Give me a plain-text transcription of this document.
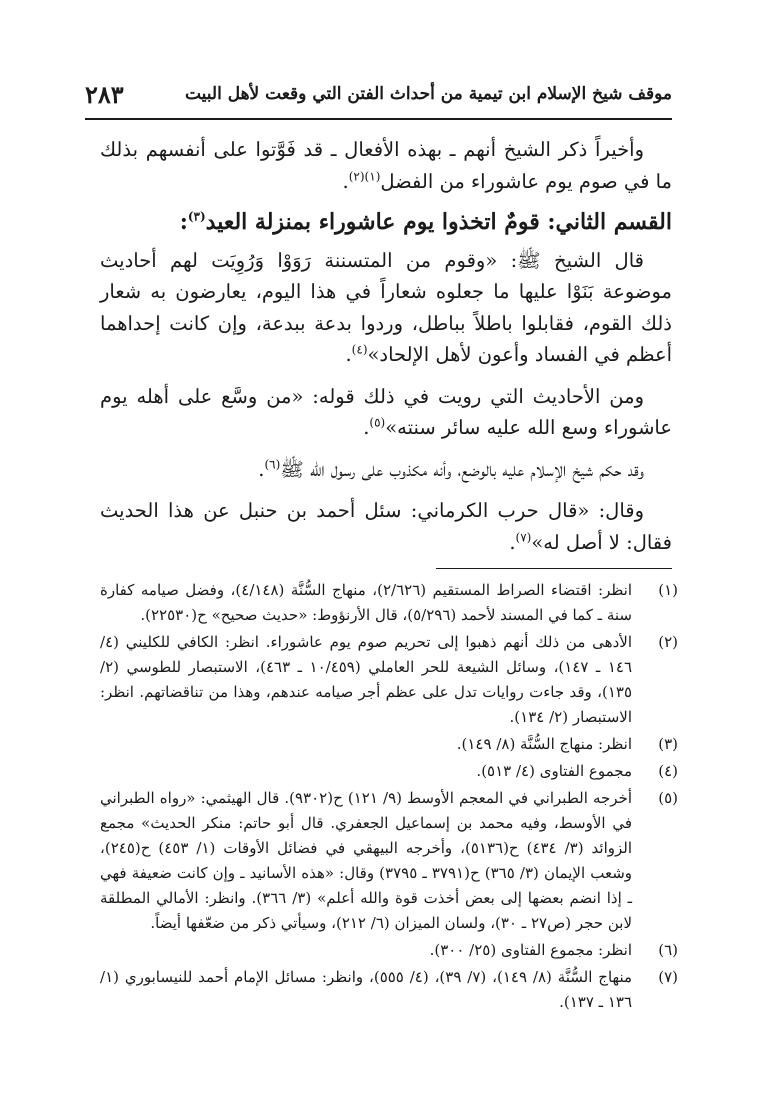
موقف شيخ الإسلام ابن تيمية من أحداث الفتن التي وقعت لأهل البيت
٢٨٣

وأخيراً ذكر الشيخ أنهم ـ بهذه الأفعال ـ قد فَوَّتوا على أنفسهم بذلك ما في صوم يوم عاشوراء من الفضل$^{(١)(٢)}$.

القسم الثاني: قومٌ اتخذوا يوم عاشوراء بمنزلة العيد$^{(٣)}$:

قال الشيخ ﷺ: «وقوم من المتسننة رَوَوْا وَرُوِيَت لهم أحاديث موضوعة بَنَوْا عليها ما جعلوه شعاراً في هذا اليوم، يعارضون به شعار ذلك القوم، فقابلوا باطلاً بباطل، وردوا بدعة ببدعة، وإن كانت إحداهما أعظم في الفساد وأعون لأهل الإلحاد»$^{(٤)}$.

ومن الأحاديث التي رويت في ذلك قوله: «من وسَّع على أهله يوم عاشوراء وسع الله عليه سائر سنته»$^{(٥)}$.

وقد حكم شيخ الإسلام عليه بالوضع، وأنه مكذوب على رسول الله ﷺ$^{(٦)}$.

وقال: «قال حرب الكرماني: سئل أحمد بن حنبل عن هذا الحديث فقال: لا أصل له»$^{(٧)}$.

(١)
انظر: اقتضاء الصراط المستقيم (٢/٦٢٦)، منهاج السُّنَّة (٤/١٤٨)، وفضل صيامه كفارة سنة ـ كما في المسند لأحمد (٥/٢٩٦)، قال الأرنؤوط: «حديث صحيح» ح(٢٢٥٣٠).
(٢)
الأدهى من ذلك أنهم ذهبوا إلى تحريم صوم يوم عاشوراء. انظر: الكافي للكليني (٤/ ١٤٦ ـ ١٤٧)، وسائل الشيعة للحر العاملي (١٠/٤٥٩ ـ ٤٦٣)، الاستبصار للطوسي (٢/ ١٣٥)، وقد جاءت روايات تدل على عظم أجر صيامه عندهم، وهذا من تناقضاتهم. انظر: الاستبصار (٢/ ١٣٤).
(٣)
انظر: منهاج السُّنَّة (٨/ ١٤٩).
(٤)
مجموع الفتاوى (٤/ ٥١٣).
(٥)
أخرجه الطبراني في المعجم الأوسط (٩/ ١٢١) ح(٩٣٠٢). قال الهيثمي: «رواه الطبراني في الأوسط، وفيه محمد بن إسماعيل الجعفري. قال أبو حاتم: منكر الحديث» مجمع الزوائد (٣/ ٤٣٤) ح(٥١٣٦)، وأخرجه البيهقي في فضائل الأوقات (١/ ٤٥٣) ح(٢٤٥)، وشعب الإيمان (٣/ ٣٦٥) ح(٣٧٩١ ـ ٣٧٩٥) وقال: «هذه الأسانيد ـ وإن كانت ضعيفة فهي ـ إذا انضم بعضها إلى بعض أخذت قوة والله أعلم» (٣/ ٣٦٦). وانظر: الأمالي المطلقة لابن حجر (ص٢٧ ـ ٣٠)، ولسان الميزان (٦/ ٢١٢)، وسيأتي ذكر من ضعّفها أيضاً.
(٦)
انظر: مجموع الفتاوى (٢٥/ ٣٠٠).
(٧)
منهاج السُّنَّة (٨/ ١٤٩)، (٧/ ٣٩)، (٤/ ٥٥٥)، وانظر: مسائل الإمام أحمد للنيسابوري (١/ ١٣٦ ـ ١٣٧).
